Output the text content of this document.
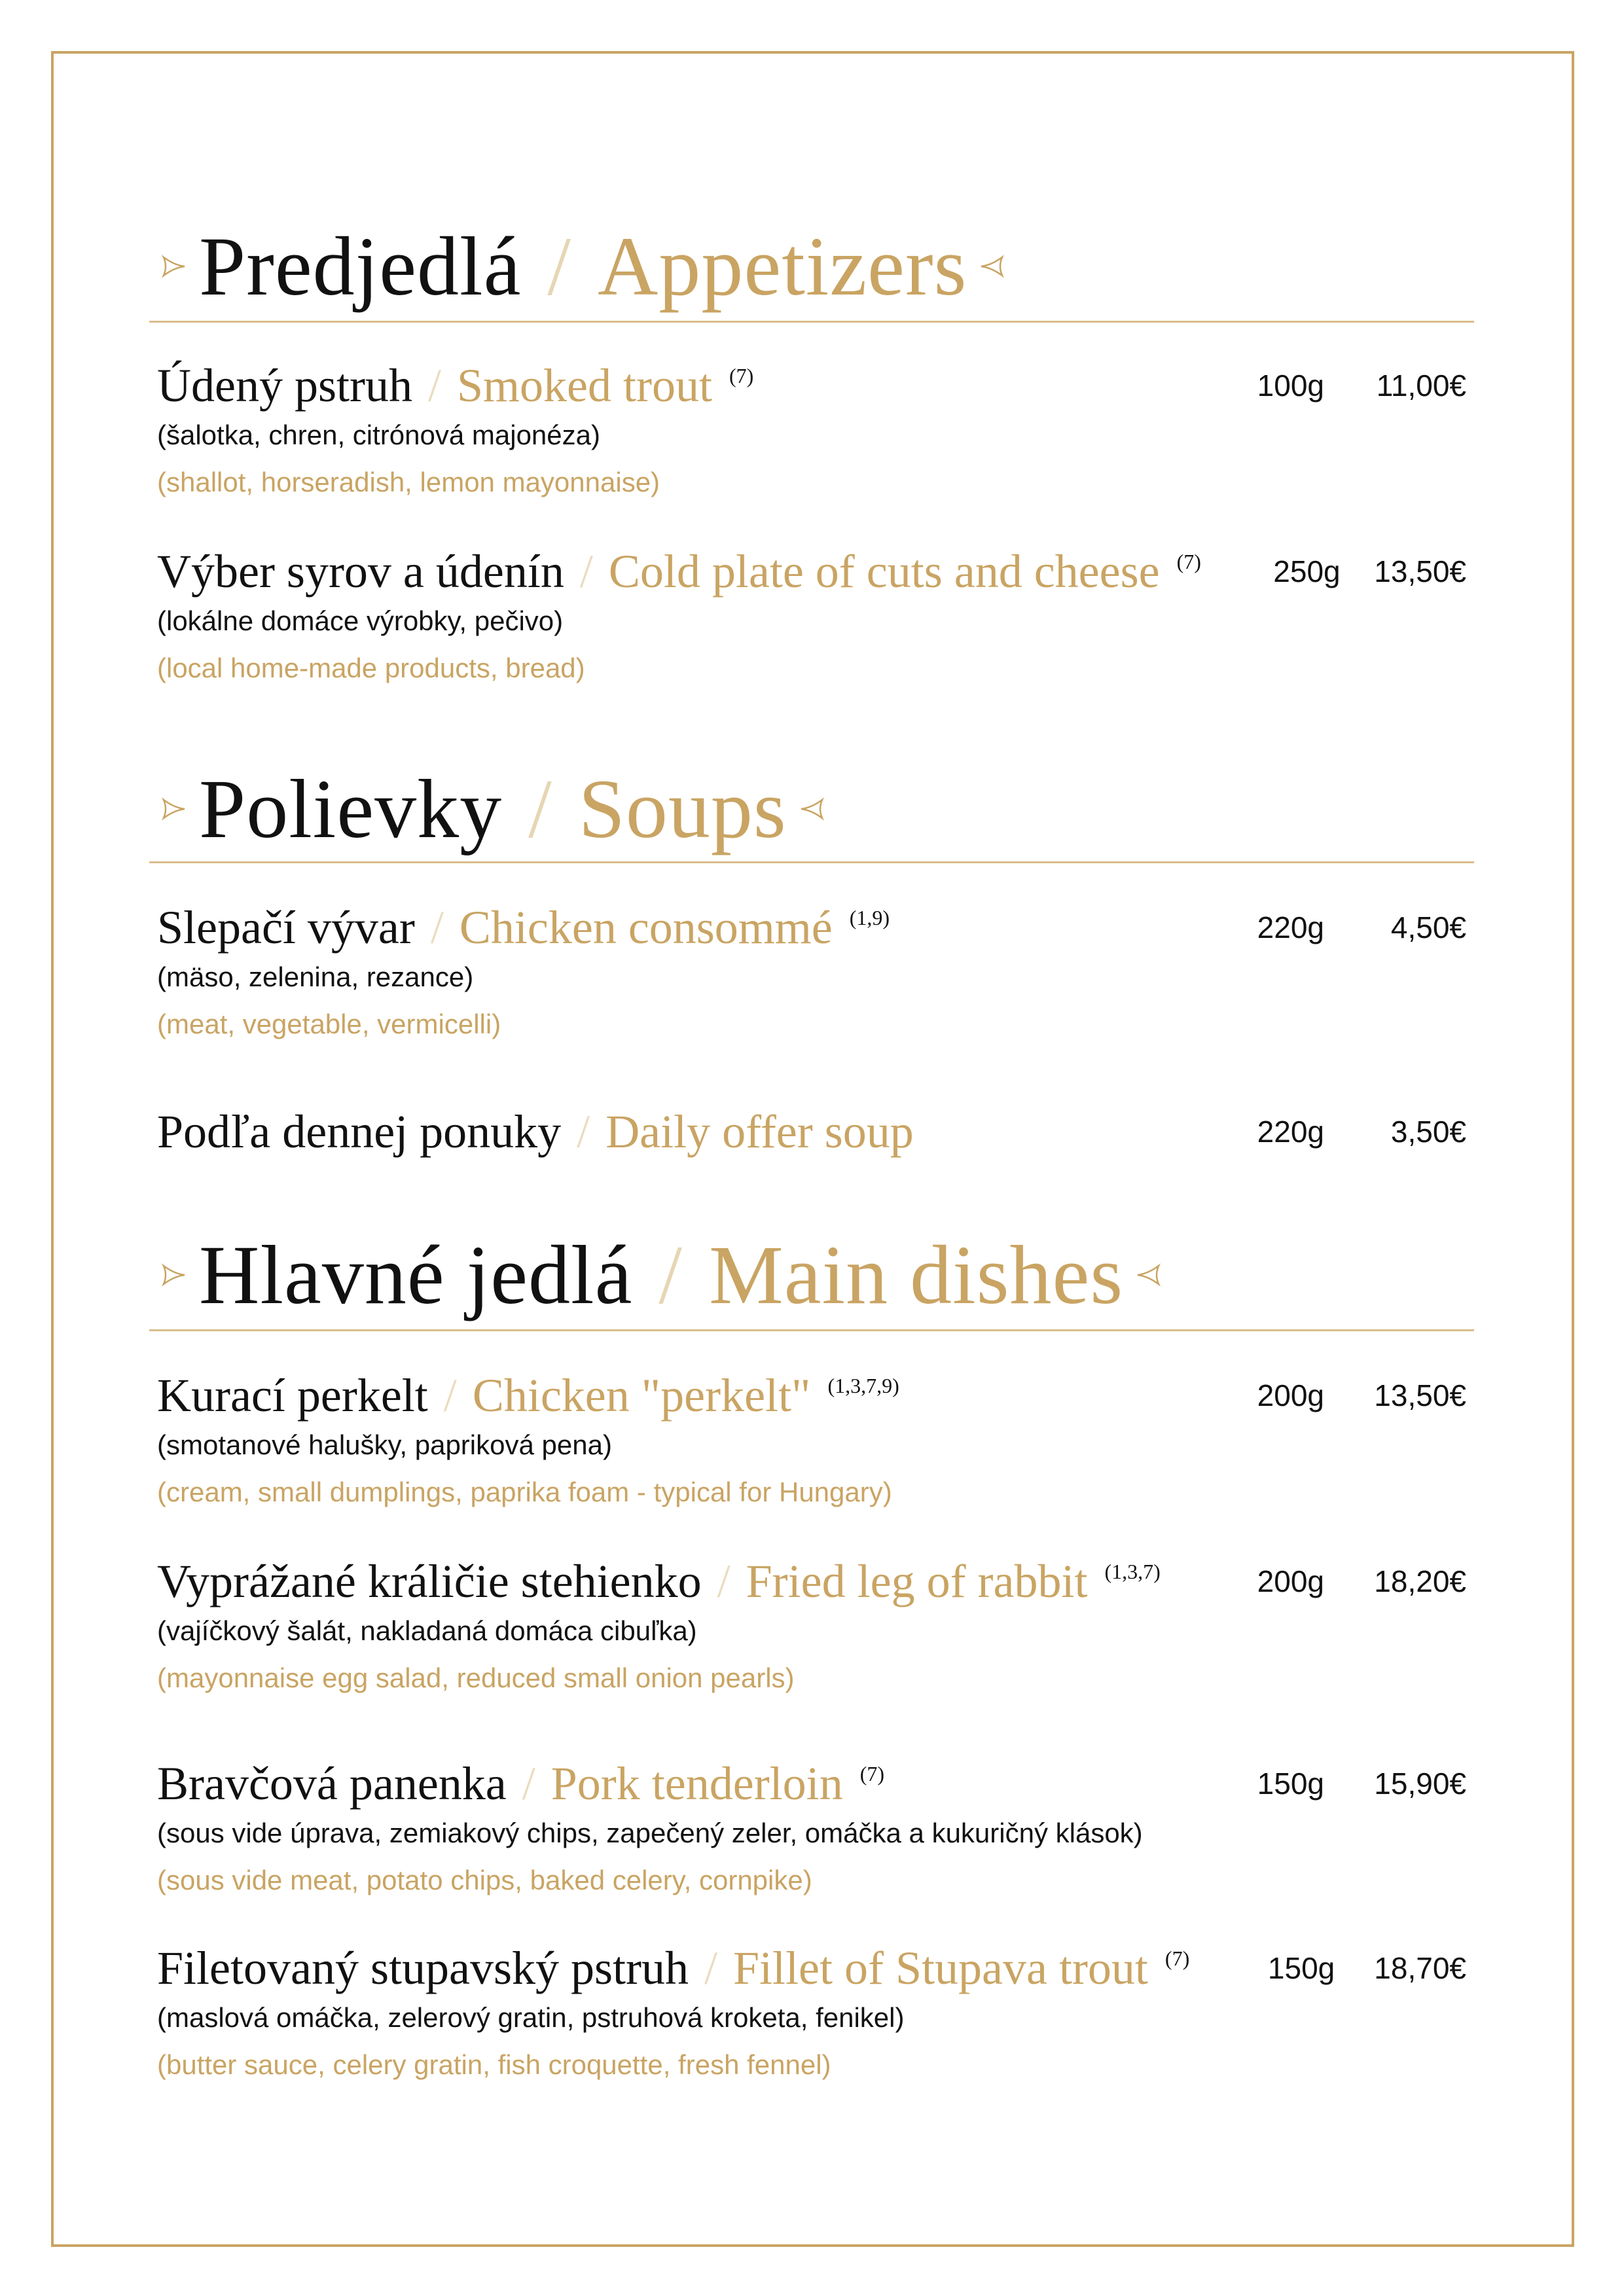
Predjedlá / Appetizers
Údený pstruh / Smoked trout $^{(7)}$	100g	11,00€
(šalotka, chren, citrónová majonéza)
(shallot, horseradish, lemon mayonnaise)
Výber syrov a údenín / Cold plate of cuts and cheese $^{(7)}$	250g	13,50€
(lokálne domáce výrobky, pečivo)
(local home-made products, bread)
Polievky / Soups
Slepačí vývar / Chicken consommé $^{(1,9)}$	220g	4,50€
(mäso, zelenina, rezance)
(meat, vegetable, vermicelli)
Podľa dennej ponuky / Daily offer soup	220g	3,50€
Hlavné jedlá / Main dishes
Kurací perkelt / Chicken "perkelt" $^{(1,3,7,9)}$	200g	13,50€
(smotanové halušky, papriková pena)
(cream, small dumplings, paprika foam - typical for Hungary)
Vyprážané králičie stehienko / Fried leg of rabbit $^{(1,3,7)}$	200g	18,20€
(vajíčkový šalát, nakladaná domáca cibuľka)
(mayonnaise egg salad, reduced small onion pearls)
Bravčová panenka / Pork tenderloin $^{(7)}$	150g	15,90€
(sous vide úprava, zemiakový chips, zapečený zeler, omáčka a kukuričný klások)
(sous vide meat, potato chips, baked celery, cornpike)
Filetovaný stupavský pstruh / Fillet of Stupava trout $^{(7)}$	150g	18,70€
(maslová omáčka, zelerový gratin, pstruhová kroketa, fenikel)
(butter sauce, celery gratin, fish croquette, fresh fennel)
